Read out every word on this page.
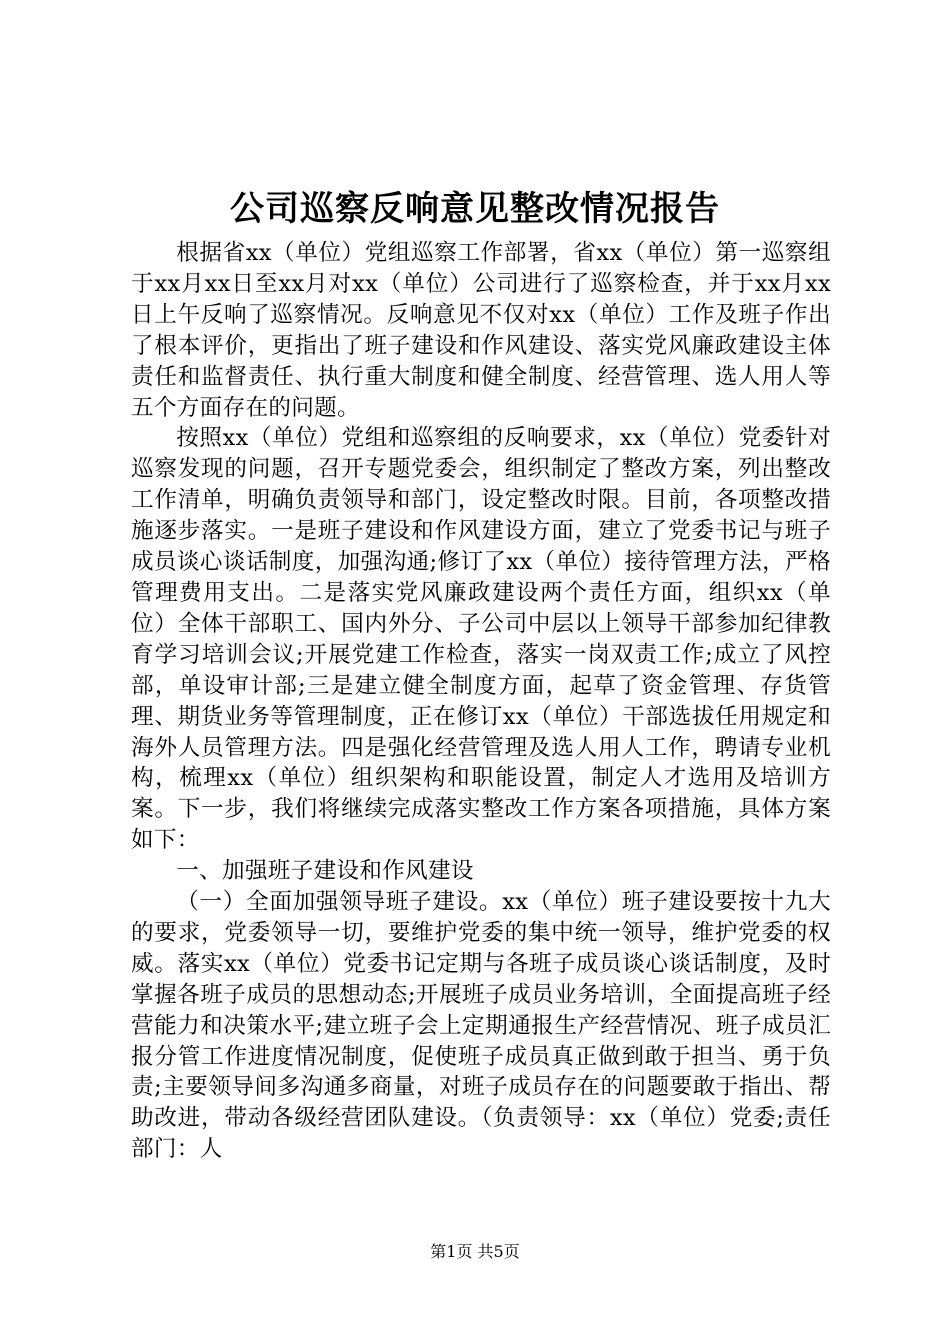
公司巡察反响意见整改情况报告

根据省xx（单位）党组巡察工作部署，省xx（单位）第一巡察组于xx月xx日至xx月对xx（单位）公司进行了巡察检查，并于xx月xx日上午反响了巡察情况。反响意见不仅对xx（单位）工作及班子作出了根本评价，更指出了班子建设和作风建设、落实党风廉政建设主体责任和监督责任、执行重大制度和健全制度、经营管理、选人用人等五个方面存在的问题。

按照xx（单位）党组和巡察组的反响要求，xx（单位）党委针对巡察发现的问题，召开专题党委会，组织制定了整改方案，列出整改工作清单，明确负责领导和部门，设定整改时限。目前，各项整改措施逐步落实。一是班子建设和作风建设方面，建立了党委书记与班子成员谈心谈话制度，加强沟通;修订了xx（单位）接待管理方法，严格管理费用支出。二是落实党风廉政建设两个责任方面，组织xx（单位）全体干部职工、国内外分、子公司中层以上领导干部参加纪律教育学习培训会议;开展党建工作检查，落实一岗双责工作;成立了风控部，单设审计部;三是建立健全制度方面，起草了资金管理、存货管理、期货业务等管理制度，正在修订xx（单位）干部选拔任用规定和海外人员管理方法。四是强化经营管理及选人用人工作，聘请专业机构，梳理xx（单位）组织架构和职能设置，制定人才选用及培训方案。下一步，我们将继续完成落实整改工作方案各项措施，具体方案如下：

一、加强班子建设和作风建设

（一）全面加强领导班子建设。xx（单位）班子建设要按十九大的要求，党委领导一切，要维护党委的集中统一领导，维护党委的权威。落实xx（单位）党委书记定期与各班子成员谈心谈话制度，及时掌握各班子成员的思想动态;开展班子成员业务培训，全面提高班子经营能力和决策水平;建立班子会上定期通报生产经营情况、班子成员汇报分管工作进度情况制度，促使班子成员真正做到敢于担当、勇于负责;主要领导间多沟通多商量，对班子成员存在的问题要敢于指出、帮助改进，带动各级经营团队建设。（负责领导：xx（单位）党委;责任部门：人

第1页 共5页
